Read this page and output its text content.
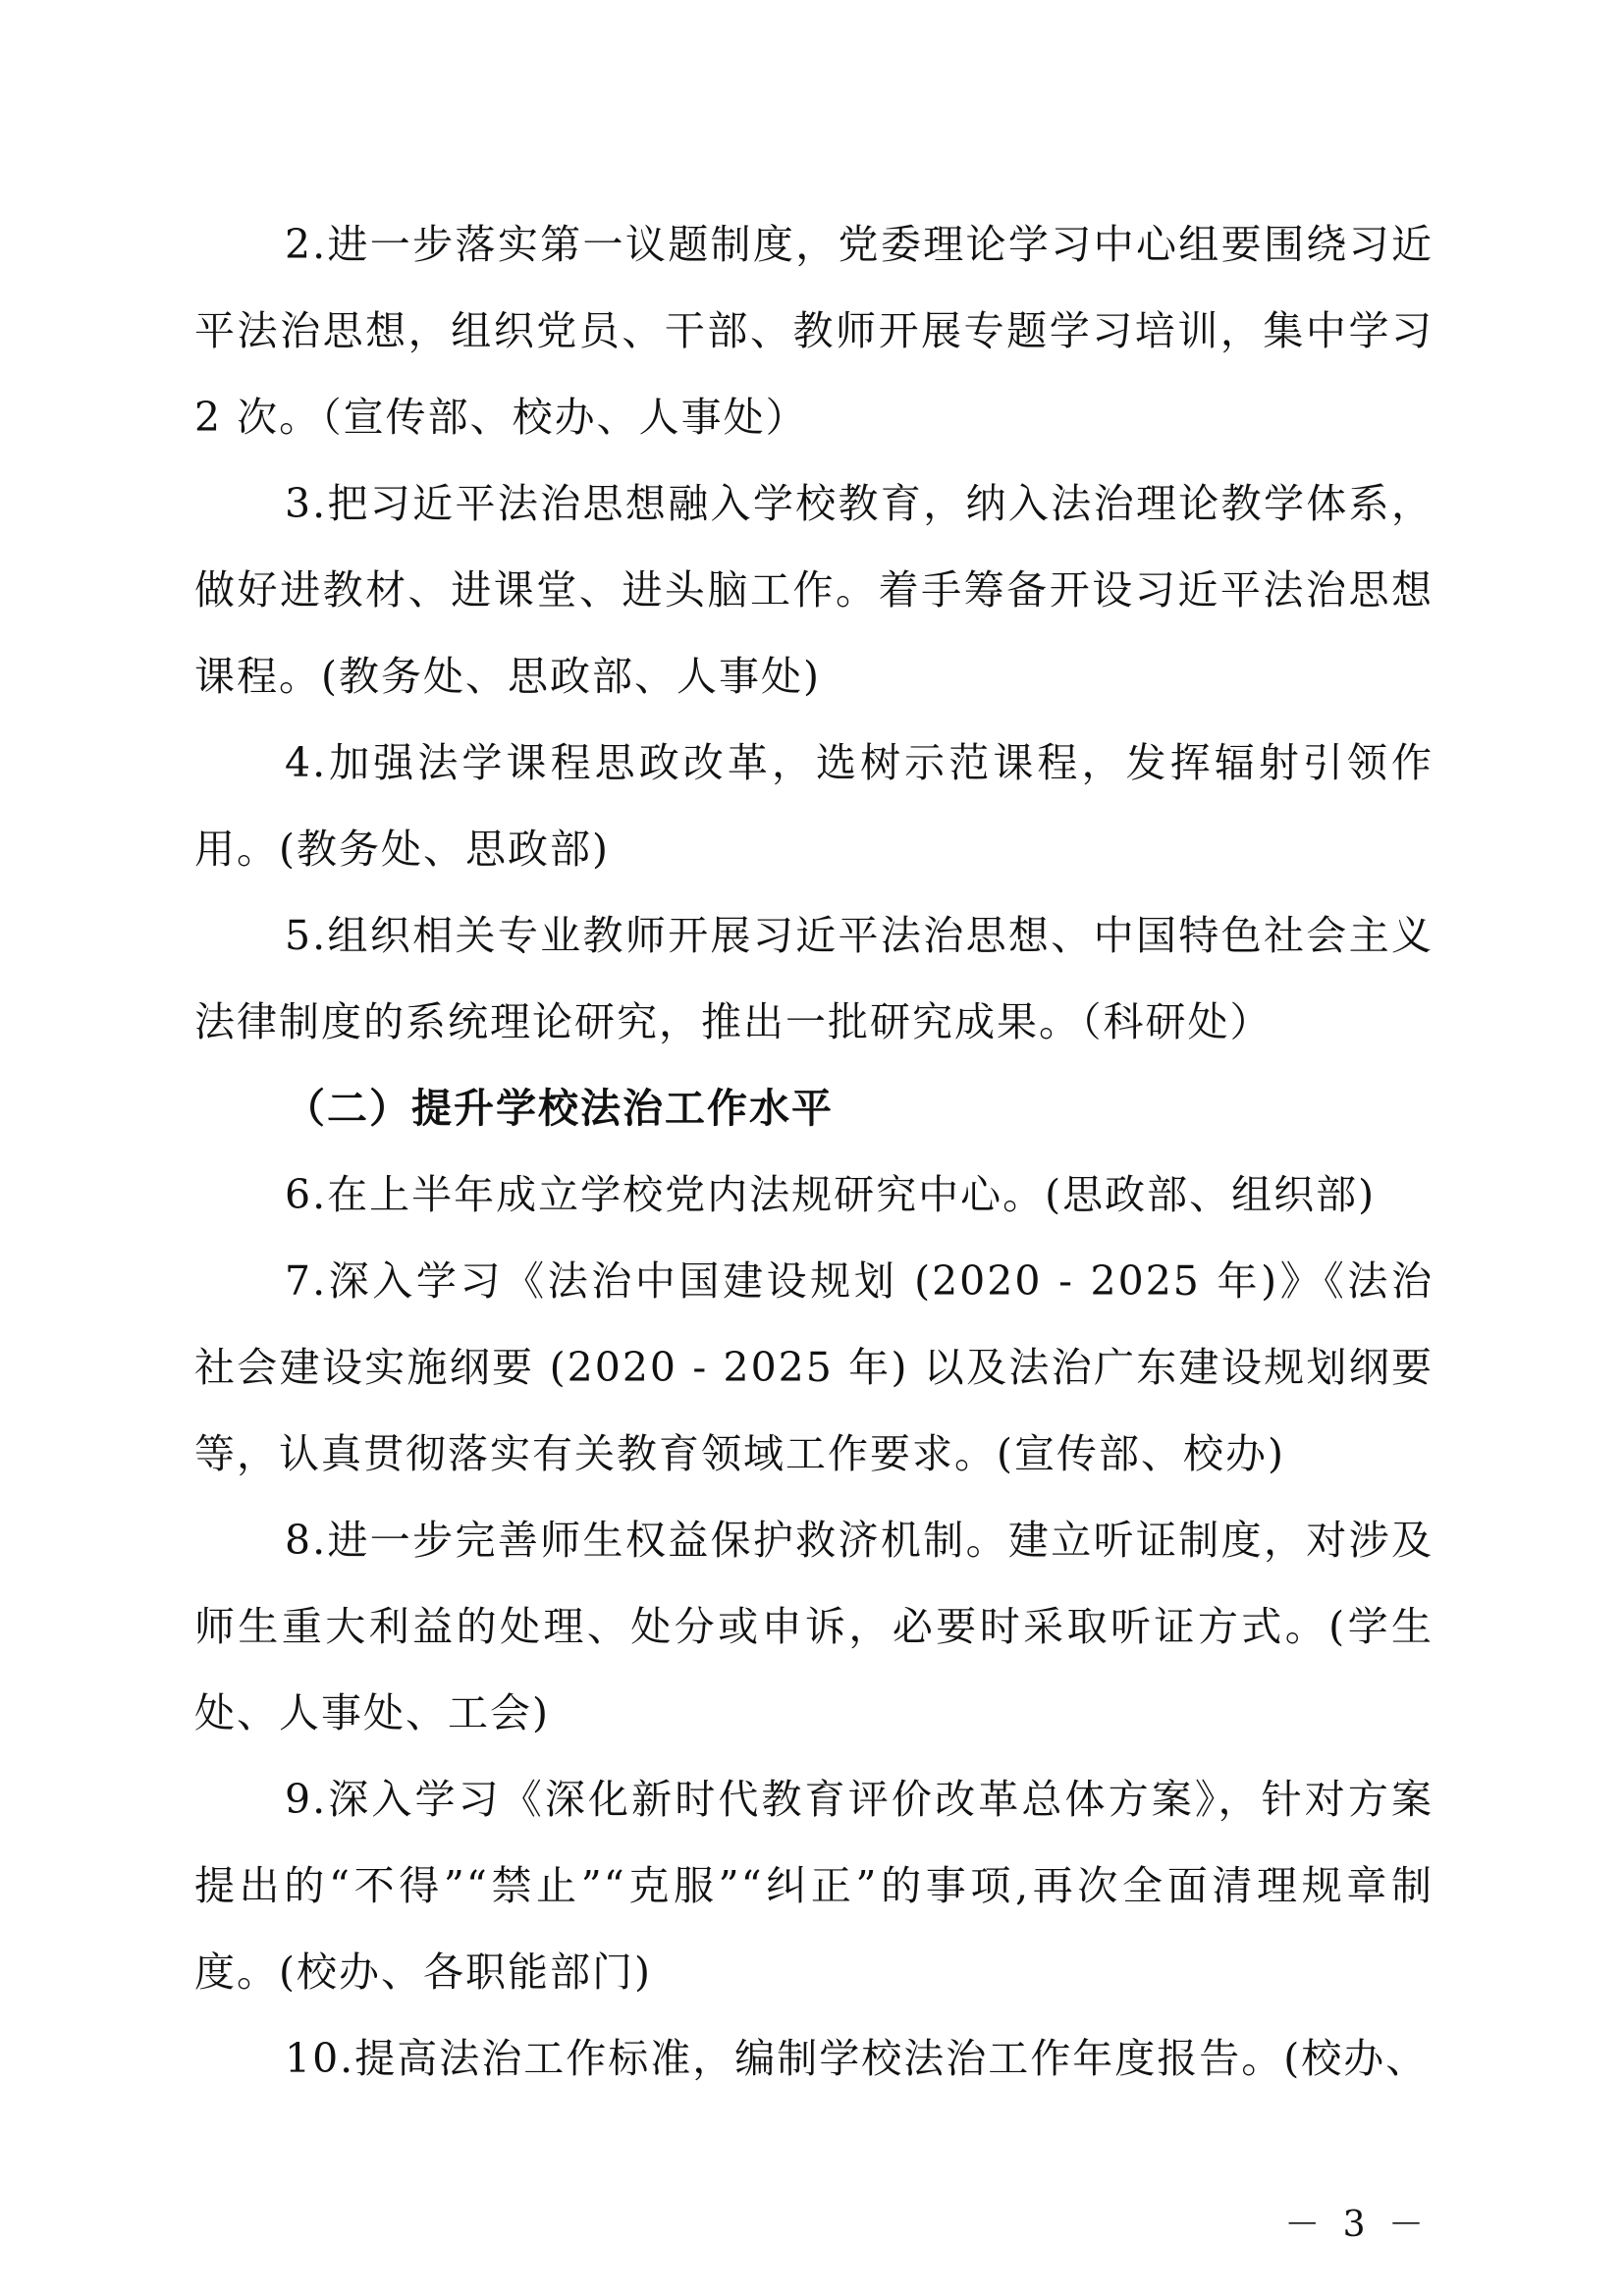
2.进一步落实第一议题制度，党委理论学习中心组要围绕习近平法治思想，组织党员、干部、教师开展专题学习培训，集中学习 2 次。（宣传部、校办、人事处）

3.把习近平法治思想融入学校教育，纳入法治理论教学体系，做好进教材、进课堂、进头脑工作。着手筹备开设习近平法治思想课程。(教务处、思政部、人事处)

4.加强法学课程思政改革，选树示范课程，发挥辐射引领作用。(教务处、思政部)

5.组织相关专业教师开展习近平法治思想、中国特色社会主义法律制度的系统理论研究，推出一批研究成果。（科研处）

（二）提升学校法治工作水平

6.在上半年成立学校党内法规研究中心。(思政部、组织部)

7.深入学习《法治中国建设规划 (2020 - 2025 年)》《法治社会建设实施纲要 (2020 - 2025 年) 以及法治广东建设规划纲要等，认真贯彻落实有关教育领域工作要求。(宣传部、校办)

8.进一步完善师生权益保护救济机制。建立听证制度，对涉及师生重大利益的处理、处分或申诉，必要时采取听证方式。(学生处、人事处、工会)

9.深入学习《深化新时代教育评价改革总体方案》，针对方案提出的“不得”“禁止”“克服”“纠正”的事项,再次全面清理规章制度。(校办、各职能部门)

10.提高法治工作标准，编制学校法治工作年度报告。(校办、

－ 3 －
